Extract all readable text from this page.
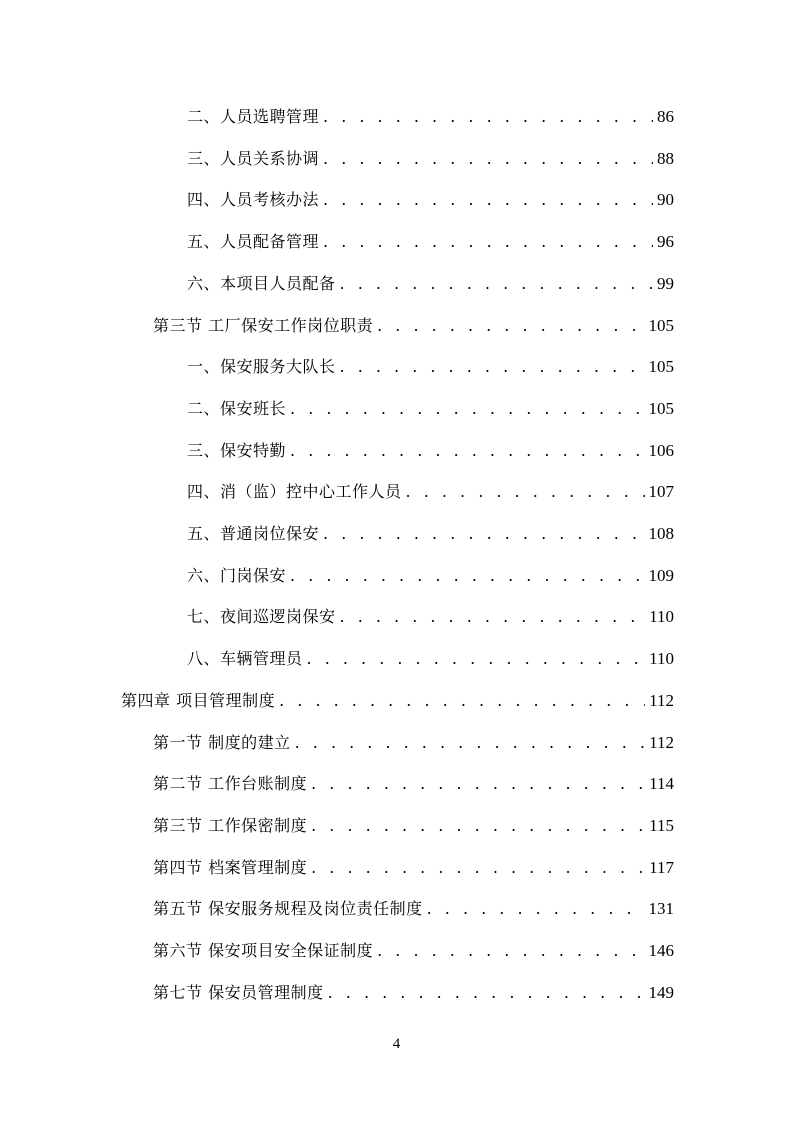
二、人员选聘管理 . . .	86
三、人员关系协调 . . .	88
四、人员考核办法 . . .	90
五、人员配备管理 . . .	96
六、本项目人员配备 . . .	99
第三节 工厂保安工作岗位职责 . . .	105
一、保安服务大队长 . . .	105
二、保安班长 . . .	105
三、保安特勤 . . .	106
四、消（监）控中心工作人员 . . .	107
五、普通岗位保安 . . .	108
六、门岗保安 . . .	109
七、夜间巡逻岗保安 . . .	110
八、车辆管理员 . . .	110
第四章 项目管理制度 . . .	112
第一节 制度的建立 . . .	112
第二节 工作台账制度 . . .	114
第三节 工作保密制度 . . .	115
第四节 档案管理制度 . . .	117
第五节 保安服务规程及岗位责任制度 . . .	131
第六节 保安项目安全保证制度 . . .	146
第七节 保安员管理制度 . . .	149
4
